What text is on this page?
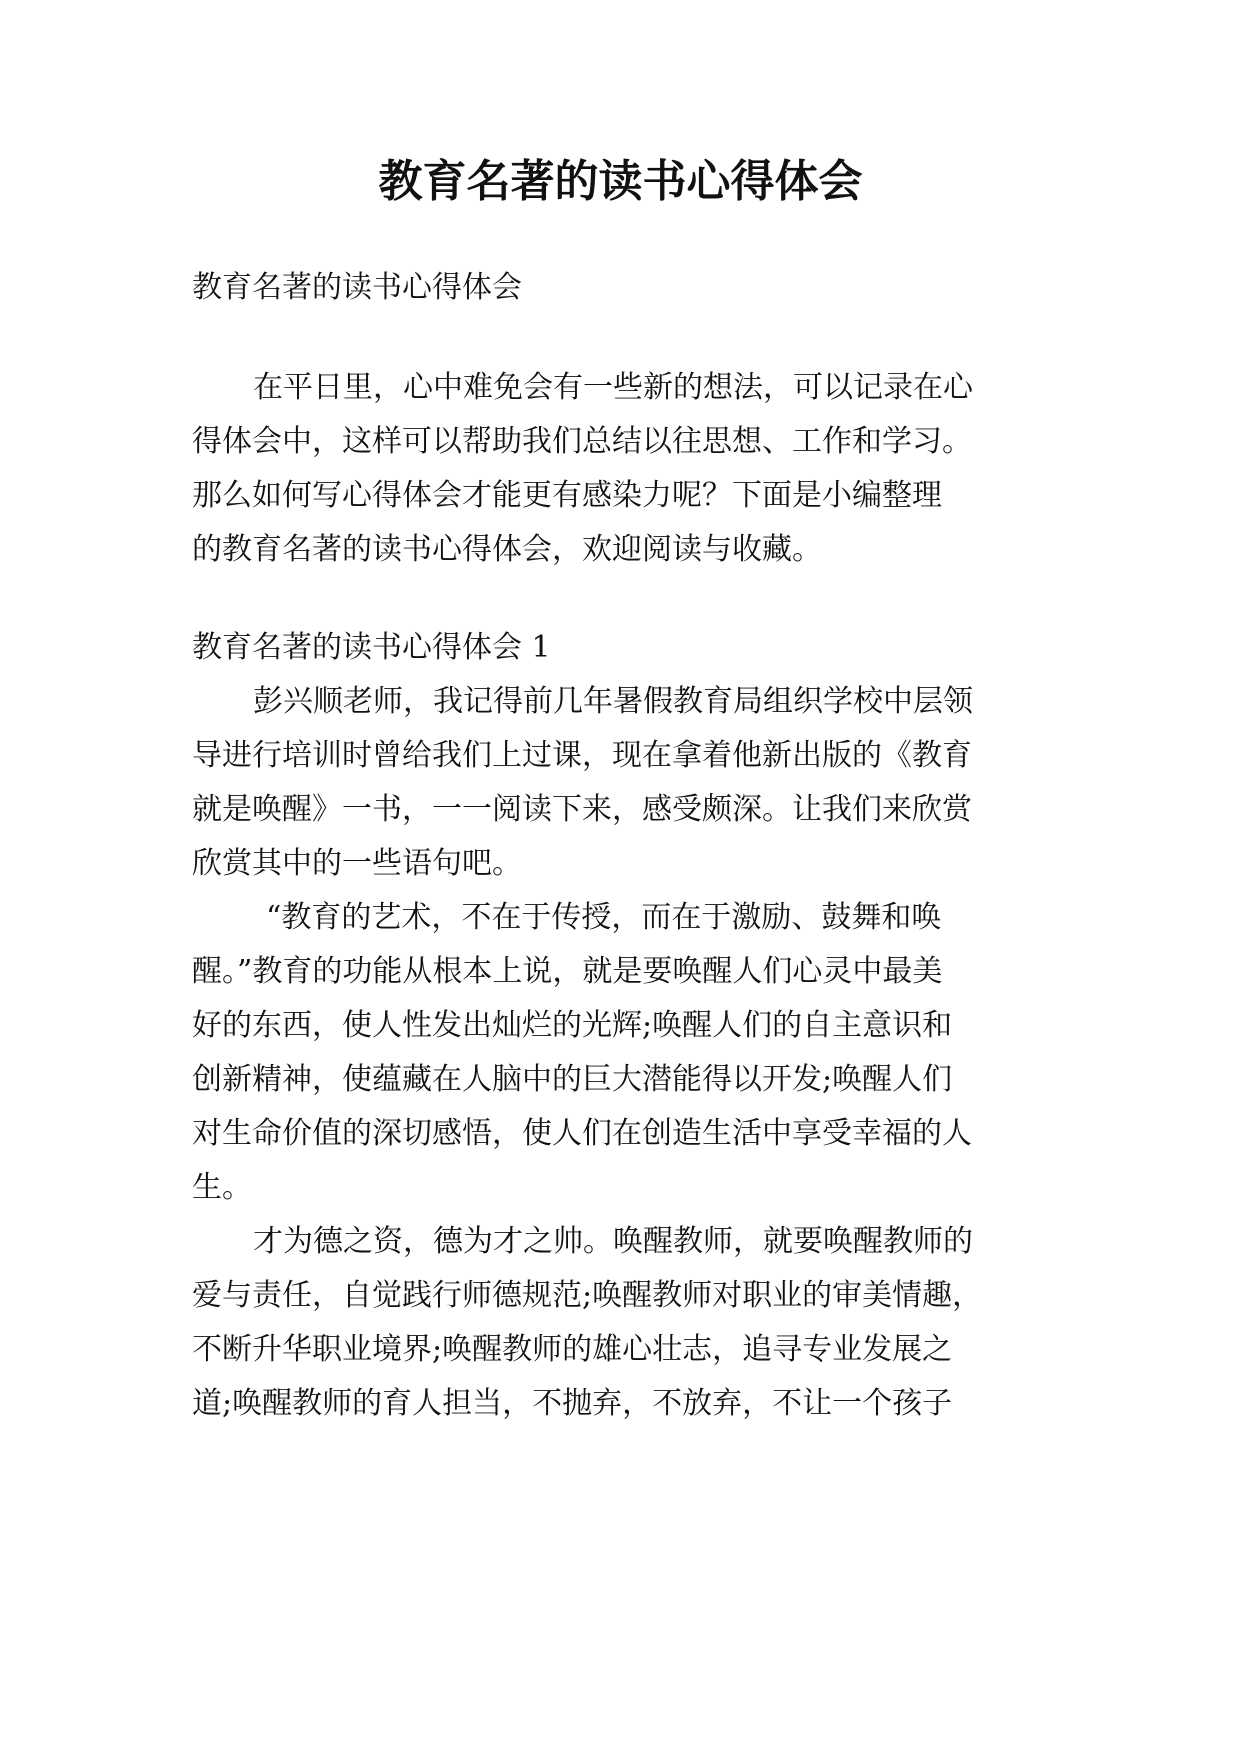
教育名著的读书心得体会

教育名著的读书心得体会

在平日里，心中难免会有一些新的想法，可以记录在心

得体会中，这样可以帮助我们总结以往思想、工作和学习。

那么如何写心得体会才能更有感染力呢？下面是小编整理

的教育名著的读书心得体会，欢迎阅读与收藏。

教育名著的读书心得体会 1

彭兴顺老师，我记得前几年暑假教育局组织学校中层领

导进行培训时曾给我们上过课，现在拿着他新出版的《教育

就是唤醒》一书，一一阅读下来，感受颇深。让我们来欣赏

欣赏其中的一些语句吧。

“教育的艺术，不在于传授，而在于激励、鼓舞和唤

醒。”教育的功能从根本上说，就是要唤醒人们心灵中最美

好的东西，使人性发出灿烂的光辉;唤醒人们的自主意识和

创新精神，使蕴藏在人脑中的巨大潜能得以开发;唤醒人们

对生命价值的深切感悟，使人们在创造生活中享受幸福的人

生。

才为德之资，德为才之帅。唤醒教师，就要唤醒教师的

爱与责任，自觉践行师德规范;唤醒教师对职业的审美情趣，

不断升华职业境界;唤醒教师的雄心壮志，追寻专业发展之

道;唤醒教师的育人担当，不抛弃，不放弃，不让一个孩子
